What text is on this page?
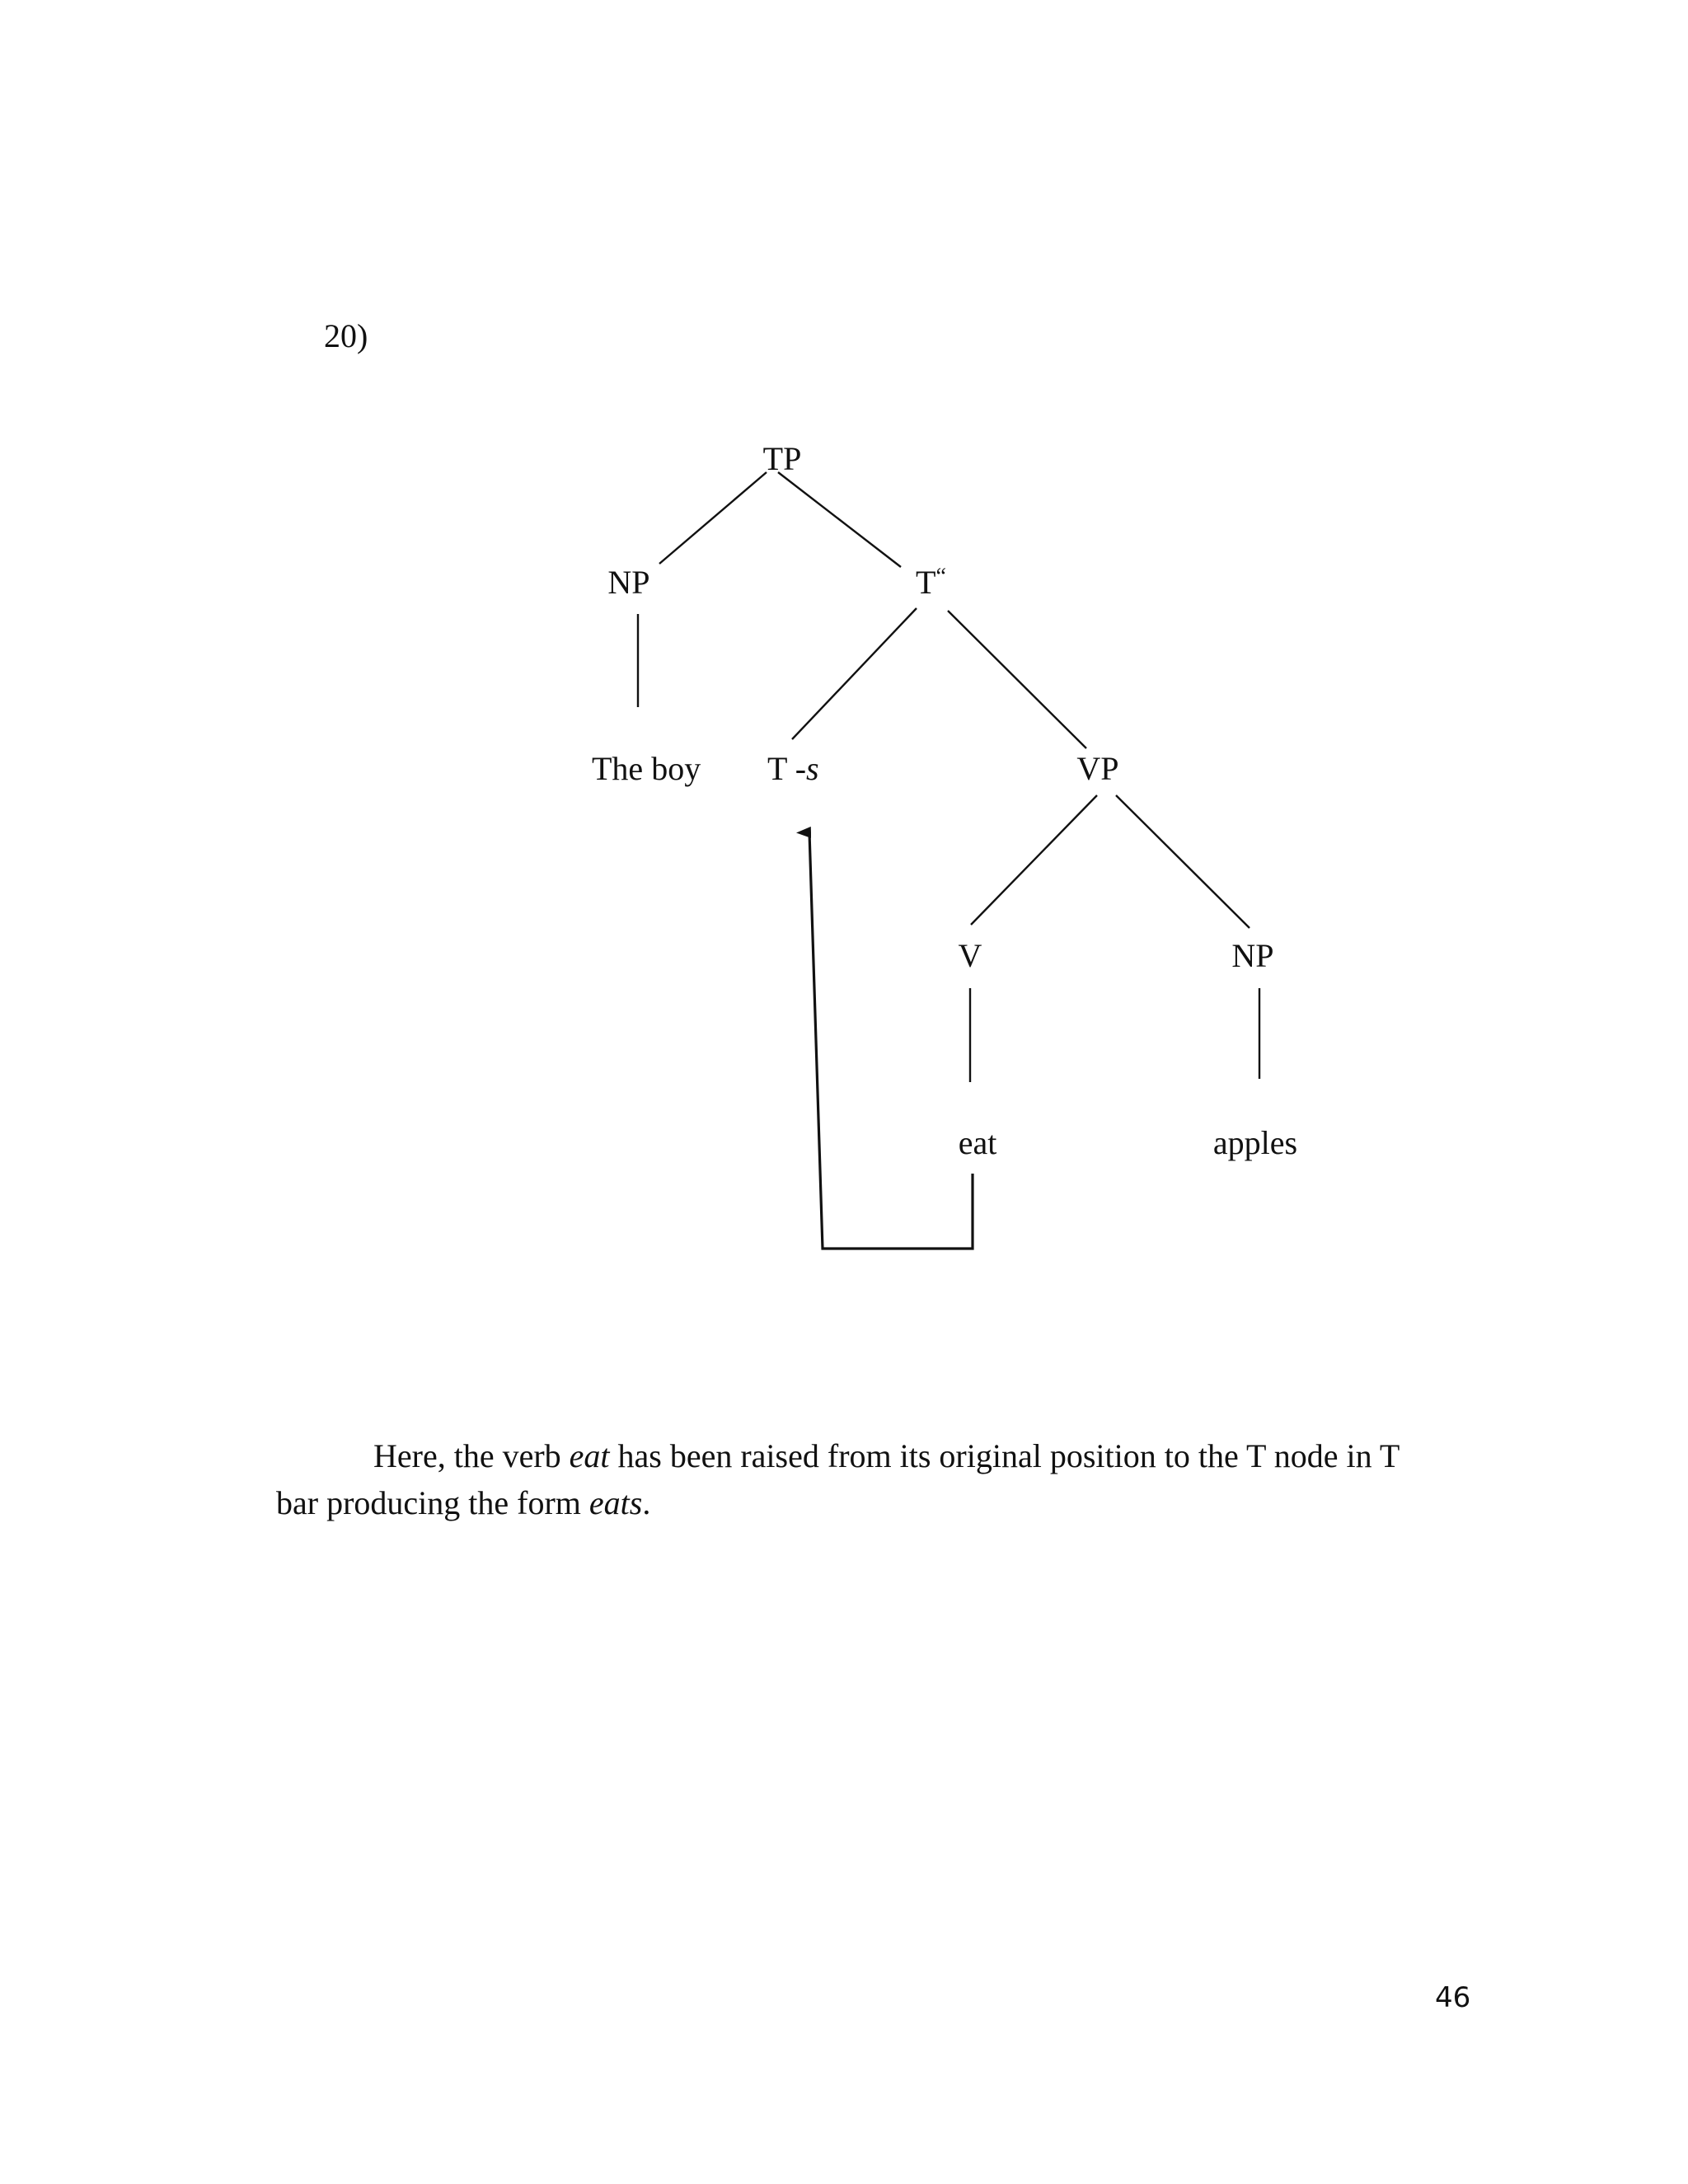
20)
TP
NP	T“
The boy T -s	VP
V	NP
eat	apples

Here, the verb eat has been raised from its original position to the T node in T bar producing the form eats.

46
